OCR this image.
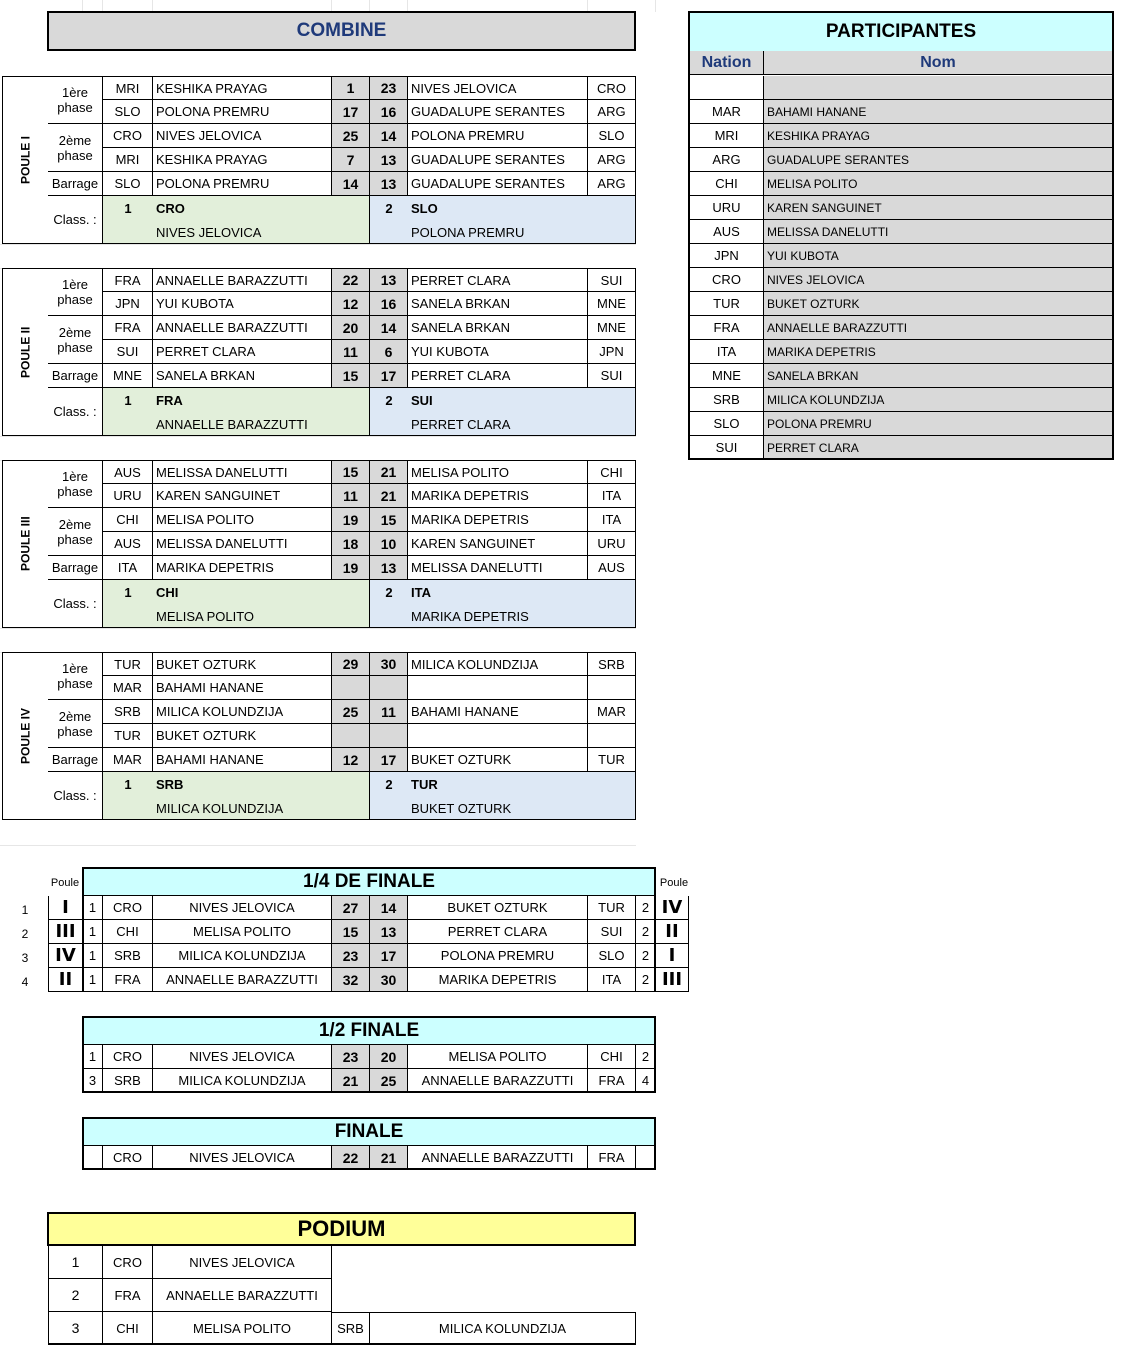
COMBINE
POULE I
1ère	MRI	KESHIKA PRAYAG	1	23	NIVES JELOVICA	CRO
phase	SLO	POLONA PREMRU	17	16	GUADALUPE SERANTES	ARG
2ème	CRO	NIVES JELOVICA	25	14	POLONA PREMRU	SLO
phase	MRI	KESHIKA PRAYAG	7	13	GUADALUPE SERANTES	ARG
Barrage	SLO	POLONA PREMRU	14	13	GUADALUPE SERANTES	ARG
Class. :
1	CRO
NIVES JELOVICA
2	SLO
POLONA PREMRU
POULE II
1ère	FRA	ANNAELLE BARAZZUTTI	22	13	PERRET CLARA	SUI
phase	JPN	YUI KUBOTA	12	16	SANELA BRKAN	MNE
2ème	FRA	ANNAELLE BARAZZUTTI	20	14	SANELA BRKAN	MNE
phase	SUI	PERRET CLARA	11	6	YUI KUBOTA	JPN
Barrage	MNE	SANELA BRKAN	15	17	PERRET CLARA	SUI
Class. :
1	FRA
ANNAELLE BARAZZUTTI
2	SUI
PERRET CLARA
POULE III
1ère	AUS	MELISSA DANELUTTI	15	21	MELISA POLITO	CHI
phase	URU	KAREN SANGUINET	11	21	MARIKA DEPETRIS	ITA
2ème	CHI	MELISA POLITO	19	15	MARIKA DEPETRIS	ITA
phase	AUS	MELISSA DANELUTTI	18	10	KAREN SANGUINET	URU
Barrage	ITA	MARIKA DEPETRIS	19	13	MELISSA DANELUTTI	AUS
Class. :
1	CHI
MELISA POLITO
2	ITA
MARIKA DEPETRIS
POULE IV
1ère	TUR	BUKET OZTURK	29	30	MILICA KOLUNDZIJA	SRB
phase	MAR	BAHAMI HANANE
2ème	SRB	MILICA KOLUNDZIJA	25	11	BAHAMI HANANE	MAR
phase	TUR	BUKET OZTURK
Barrage	MAR	BAHAMI HANANE	12	17	BUKET OZTURK	TUR
Class. :
1	SRB
MILICA KOLUNDZIJA
2	TUR
BUKET OZTURK
PARTICIPANTES
Nation	Nom
MAR	BAHAMI HANANE
MRI	KESHIKA PRAYAG
ARG	GUADALUPE SERANTES
CHI	MELISA POLITO
URU	KAREN SANGUINET
AUS	MELISSA DANELUTTI
JPN	YUI KUBOTA
CRO	NIVES JELOVICA
TUR	BUKET OZTURK
FRA	ANNAELLE BARAZZUTTI
ITA	MARIKA DEPETRIS
MNE	SANELA BRKAN
SRB	MILICA KOLUNDZIJA
SLO	POLONA PREMRU
SUI	PERRET CLARA
1/4 DE FINALE
Poule	Poule
1	I	1	CRO	NIVES JELOVICA	27	14	BUKET OZTURK	TUR	2 IV
2	III	1	CHI	MELISA POLITO	15	13	PERRET CLARA	SUI	2 II
3	IV	1	SRB	MILICA KOLUNDZIJA	23	17	POLONA PREMRU	SLO	2	I
4	II	1	FRA	ANNAELLE BARAZZUTTI	32	30	MARIKA DEPETRIS	ITA	2 III
1/2 FINALE
1	CRO	NIVES JELOVICA	23	20	MELISA POLITO	CHI	2
3	SRB	MILICA KOLUNDZIJA	21	25	ANNAELLE BARAZZUTTI	FRA	4
FINALE
CRO	NIVES JELOVICA	22	21	ANNAELLE BARAZZUTTI	FRA
PODIUM
1	CRO	NIVES JELOVICA
2	FRA	ANNAELLE BARAZZUTTI
3	CHI	MELISA POLITO	SRB	MILICA KOLUNDZIJA
